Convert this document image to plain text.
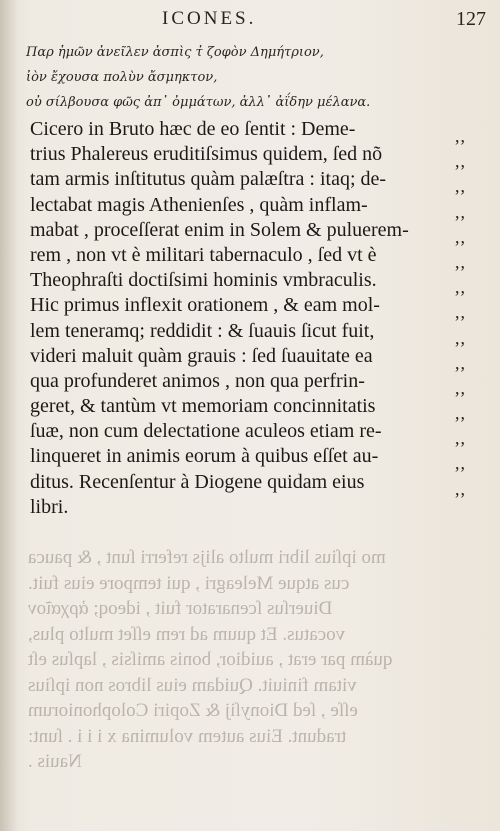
ICONES.	127
Παρ ἡμῶν ἀνεῖλεν ἀσπὶς τ̓ ζοφὸν Δημήτριον,
ἰὸν ἔχουσα πολὺν ἄσμηκτον,
οὐ σίλβουσα φῶς ἀπ᾿ ὀμμάτων, ἀλλ᾿ ἀΐδην μέλανα.
Cicero in Bruto hæc de eo ſentit : Deme-
trius Phalereus eruditiſsimus quidem, ſed nõ
tam armis inſtitutus quàm palæſtra : itaq; de-
lectabat magis Athenienſes , quàm inflam-
mabat , proceſſerat enim in Solem & puluerem-
rem , non vt è militari tabernaculo , ſed vt è
Theophraſti doctiſsimi hominis vmbraculis.
Hic primus inflexit orationem , & eam mol-
lem teneramq; reddidit : & ſuauis ſicut fuit,
videri maluit quàm grauis : ſed ſuauitate ea
qua profunderet animos , non qua perfrin-
geret, & tantùm vt memoriam concinnitatis
ſuæ, non cum delectatione aculeos etiam re-
linqueret in animis eorum à quibus eſſet au-
ditus. Recenſentur à Diogene quidam eius
libri.
,,
,,
,,
,,
,,
,,
,,
,,
,,
,,
,,
,,
,,
,,
,,
mo ipſius libri multo alijs referri ſunt , & pauca
cus atque Meleagri , qui tempore eius fuit.
Diuerſus ſcenarator fuit , ideoq; ἀρχαῖον
vocatus. Et quum ad rem eſſet multo plus,
quàm par erat , auidior, bonis amiſsis , lapſus eſt
vitam finiuit. Quidam eius libros non ipſius
eſſe , ſed Dionyſij & Zopiri Colophoniorum
tradunt. Eius autem volumina x i i i . ſunt:
Nauis .
